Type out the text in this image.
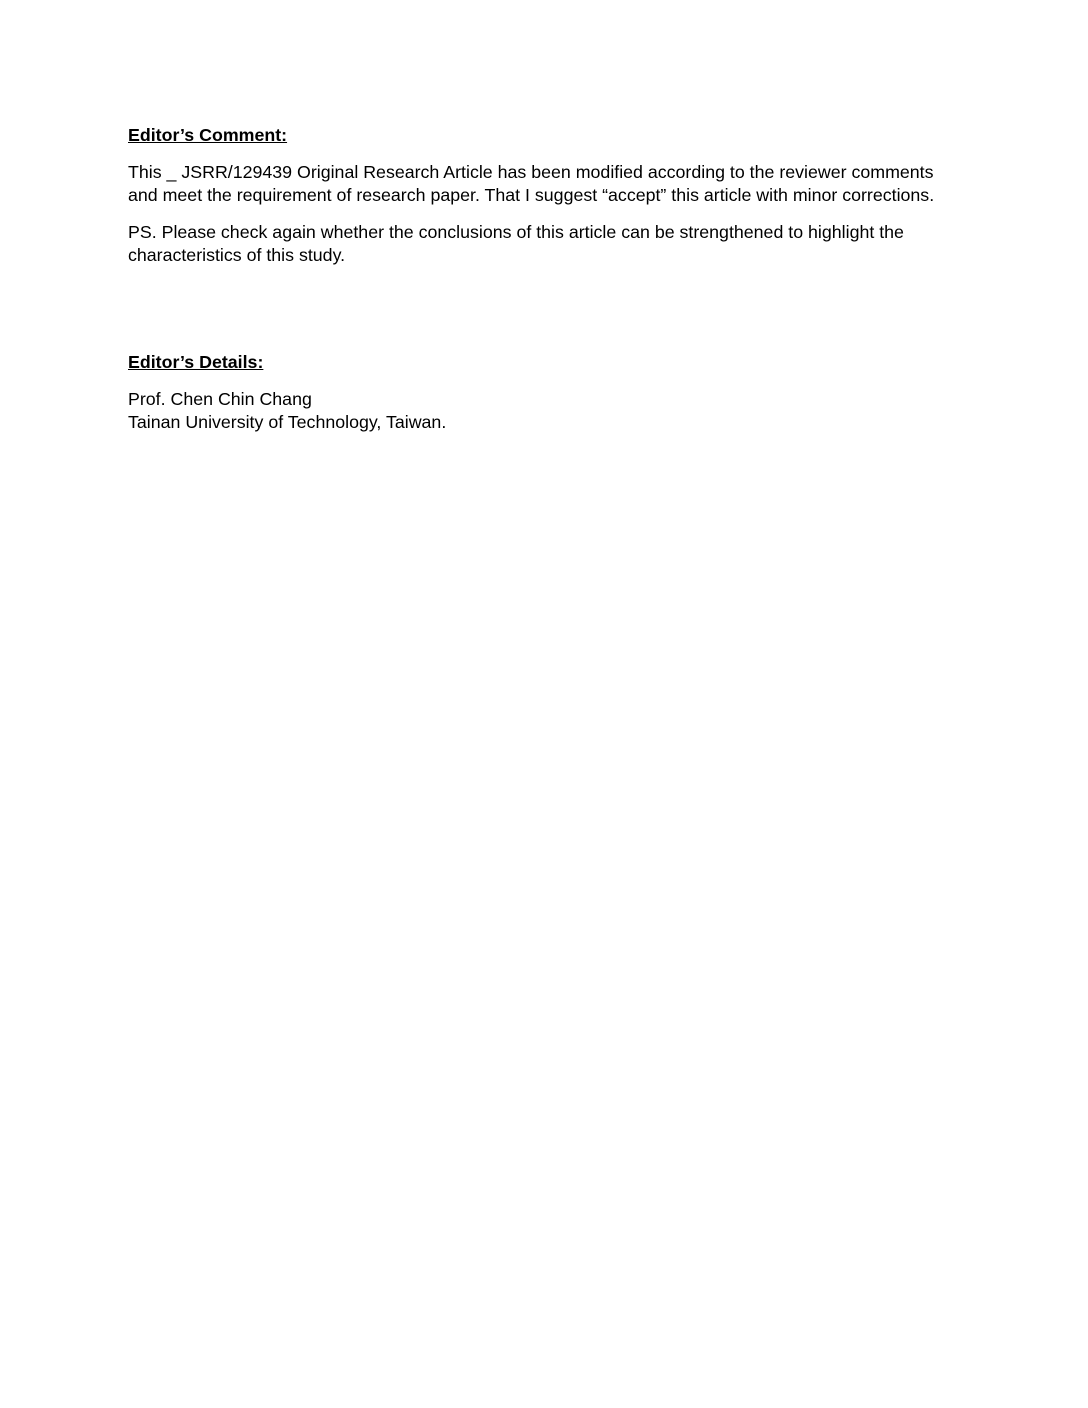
Editor’s Comment:

This _ JSRR/129439 Original Research Article has been modified according to the reviewer comments and meet the requirement of research paper. That I suggest “accept” this article with minor corrections.

PS. Please check again whether the conclusions of this article can be strengthened to highlight the characteristics of this study.

Editor’s Details:

Prof. Chen Chin Chang

Tainan University of Technology, Taiwan.
